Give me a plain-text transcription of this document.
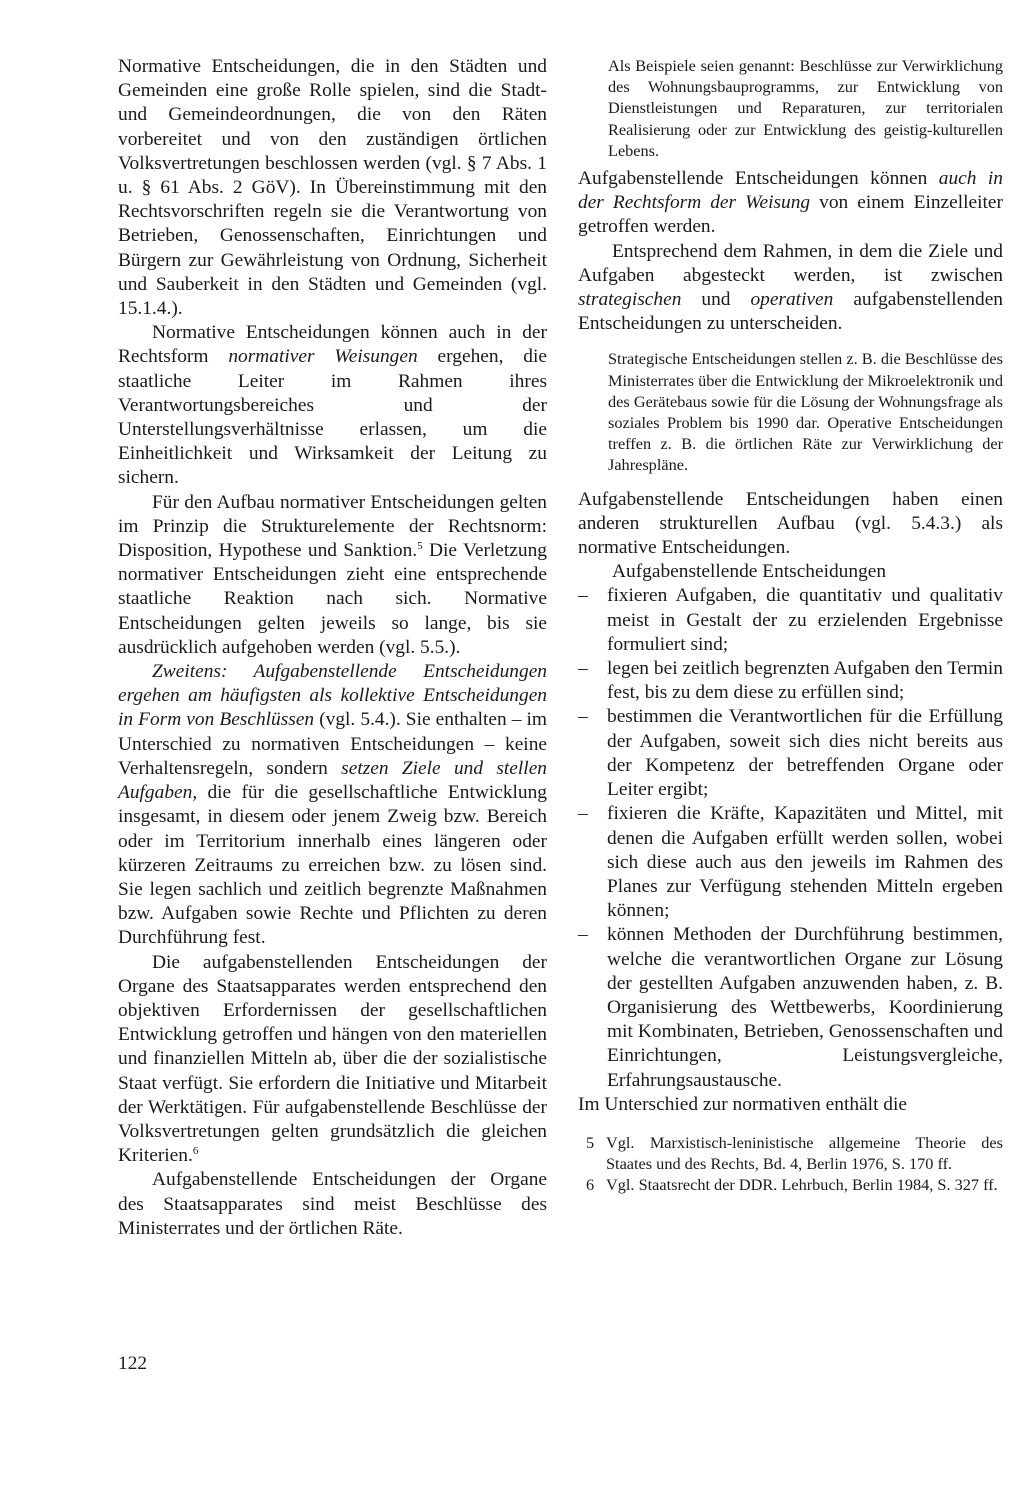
Normative Entscheidungen, die in den Städten und Gemeinden eine große Rolle spielen, sind die Stadt- und Gemeindeordnungen, die von den Räten vorbereitet und von den zuständigen örtlichen Volksvertretungen beschlossen werden (vgl. § 7 Abs. 1 u. § 61 Abs. 2 GöV). In Übereinstimmung mit den Rechtsvorschriften regeln sie die Verantwortung von Betrieben, Genossenschaften, Einrichtungen und Bürgern zur Gewährleistung von Ordnung, Sicherheit und Sauberkeit in den Städten und Gemeinden (vgl. 15.1.4.).

Normative Entscheidungen können auch in der Rechtsform normativer Weisungen ergehen, die staatliche Leiter im Rahmen ihres Verantwortungsbereiches und der Unterstellungsverhältnisse erlassen, um die Einheitlichkeit und Wirksamkeit der Leitung zu sichern.

Für den Aufbau normativer Entscheidungen gelten im Prinzip die Strukturelemente der Rechtsnorm: Disposition, Hypothese und Sanktion.$^5$ Die Verletzung normativer Entscheidungen zieht eine entsprechende staatliche Reaktion nach sich. Normative Entscheidungen gelten jeweils so lange, bis sie ausdrücklich aufgehoben werden (vgl. 5.5.).

Zweitens: Aufgabenstellende Entscheidungen ergehen am häufigsten als kollektive Entscheidungen in Form von Beschlüssen (vgl. 5.4.). Sie enthalten – im Unterschied zu normativen Entscheidungen – keine Verhaltensregeln, sondern setzen Ziele und stellen Aufgaben, die für die gesellschaftliche Entwicklung insgesamt, in diesem oder jenem Zweig bzw. Bereich oder im Territorium innerhalb eines längeren oder kürzeren Zeitraums zu erreichen bzw. zu lösen sind. Sie legen sachlich und zeitlich begrenzte Maßnahmen bzw. Aufgaben sowie Rechte und Pflichten zu deren Durchführung fest.

Die aufgabenstellenden Entscheidungen der Organe des Staatsapparates werden entsprechend den objektiven Erfordernissen der gesellschaftlichen Entwicklung getroffen und hängen von den materiellen und finanziellen Mitteln ab, über die der sozialistische Staat verfügt. Sie erfordern die Initiative und Mitarbeit der Werktätigen. Für aufgabenstellende Beschlüsse der Volksvertretungen gelten grundsätzlich die gleichen Kriterien.$^6$

Aufgabenstellende Entscheidungen der Organe des Staatsapparates sind meist Beschlüsse des Ministerrates und der örtlichen Räte.

Als Beispiele seien genannt: Beschlüsse zur Verwirklichung des Wohnungsbauprogramms, zur Entwicklung von Dienstleistungen und Reparaturen, zur territorialen Realisierung oder zur Entwicklung des geistig-kulturellen Lebens.

Aufgabenstellende Entscheidungen können auch in der Rechtsform der Weisung von einem Einzelleiter getroffen werden.

Entsprechend dem Rahmen, in dem die Ziele und Aufgaben abgesteckt werden, ist zwischen strategischen und operativen aufgabenstellenden Entscheidungen zu unterscheiden.

Strategische Entscheidungen stellen z. B. die Beschlüsse des Ministerrates über die Entwicklung der Mikroelektronik und des Gerätebaus sowie für die Lösung der Wohnungsfrage als soziales Problem bis 1990 dar. Operative Entscheidungen treffen z. B. die örtlichen Räte zur Verwirklichung der Jahrespläne.

Aufgabenstellende Entscheidungen haben einen anderen strukturellen Aufbau (vgl. 5.4.3.) als normative Entscheidungen.

Aufgabenstellende Entscheidungen

– fixieren Aufgaben, die quantitativ und qualitativ meist in Gestalt der zu erzielenden Ergebnisse formuliert sind;
– legen bei zeitlich begrenzten Aufgaben den Termin fest, bis zu dem diese zu erfüllen sind;
– bestimmen die Verantwortlichen für die Erfüllung der Aufgaben, soweit sich dies nicht bereits aus der Kompetenz der betreffenden Organe oder Leiter ergibt;
– fixieren die Kräfte, Kapazitäten und Mittel, mit denen die Aufgaben erfüllt werden sollen, wobei sich diese auch aus den jeweils im Rahmen des Planes zur Verfügung stehenden Mitteln ergeben können;
– können Methoden der Durchführung bestimmen, welche die verantwortlichen Organe zur Lösung der gestellten Aufgaben anzuwenden haben, z. B. Organisierung des Wettbewerbs, Koordinierung mit Kombinaten, Betrieben, Genossenschaften und Einrichtungen, Leistungsvergleiche, Erfahrungsaustausche.

Im Unterschied zur normativen enthält die

5 Vgl. Marxistisch-leninistische allgemeine Theorie des Staates und des Rechts, Bd. 4, Berlin 1976, S. 170 ff.

6 Vgl. Staatsrecht der DDR. Lehrbuch, Berlin 1984, S. 327 ff.

122
